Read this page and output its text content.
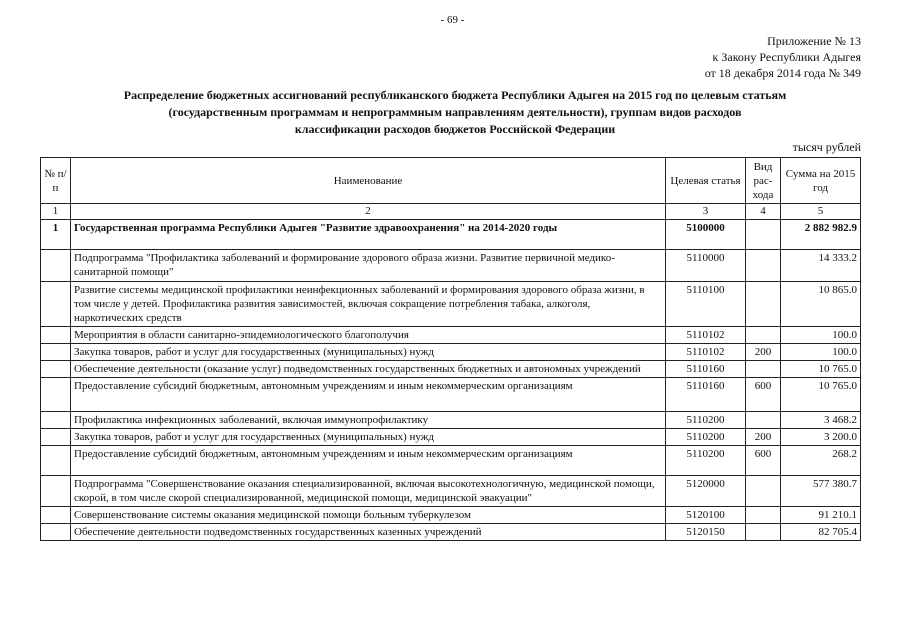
- 69 -
Приложение № 13
к Закону Республики Адыгея
от 18 декабря 2014 года № 349
Распределение бюджетных ассигнований республиканского бюджета Республики Адыгея на 2015 год по целевым статьям
(государственным программам и непрограммным направлениям деятельности), группам видов расходов
классификации расходов бюджетов Российской Федерации
тысяч рублей
№ п/п	Наименование	Целевая статья	Вид рас-хода	Сумма на 2015 год
1	2	3	4	5
1	Государственная программа Республики Адыгея "Развитие здравоохранения" на 2014-2020 годы	5100000		2 882 982.9
	Подпрограмма "Профилактика заболеваний и формирование здорового образа жизни. Развитие первичной медико-санитарной помощи"	5110000		14 333.2
	Развитие системы медицинской профилактики неинфекционных заболеваний и формирования здорового образа жизни, в том числе у детей. Профилактика развития зависимостей, включая сокращение потребления табака, алкоголя, наркотических средств	5110100		10 865.0
	Мероприятия в области санитарно-эпидемиологического благополучия	5110102		100.0
	Закупка товаров, работ и услуг для государственных (муниципальных) нужд	5110102	200	100.0
	Обеспечение деятельности (оказание услуг) подведомственных государственных бюджетных и автономных учреждений	5110160		10 765.0
	Предоставление субсидий бюджетным, автономным учреждениям и иным некоммерческим организациям	5110160	600	10 765.0
	Профилактика инфекционных заболеваний, включая иммунопрофилактику	5110200		3 468.2
	Закупка товаров, работ и услуг для государственных (муниципальных) нужд	5110200	200	3 200.0
	Предоставление субсидий бюджетным, автономным учреждениям и иным некоммерческим организациям	5110200	600	268.2
	Подпрограмма "Совершенствование оказания специализированной, включая высокотехнологичную, медицинской помощи, скорой, в том числе скорой специализированной, медицинской помощи, медицинской эвакуации"	5120000		577 380.7
	Совершенствование системы оказания медицинской помощи больным туберкулезом	5120100		91 210.1
	Обеспечение деятельности подведомственных государственных казенных учреждений	5120150		82 705.4
